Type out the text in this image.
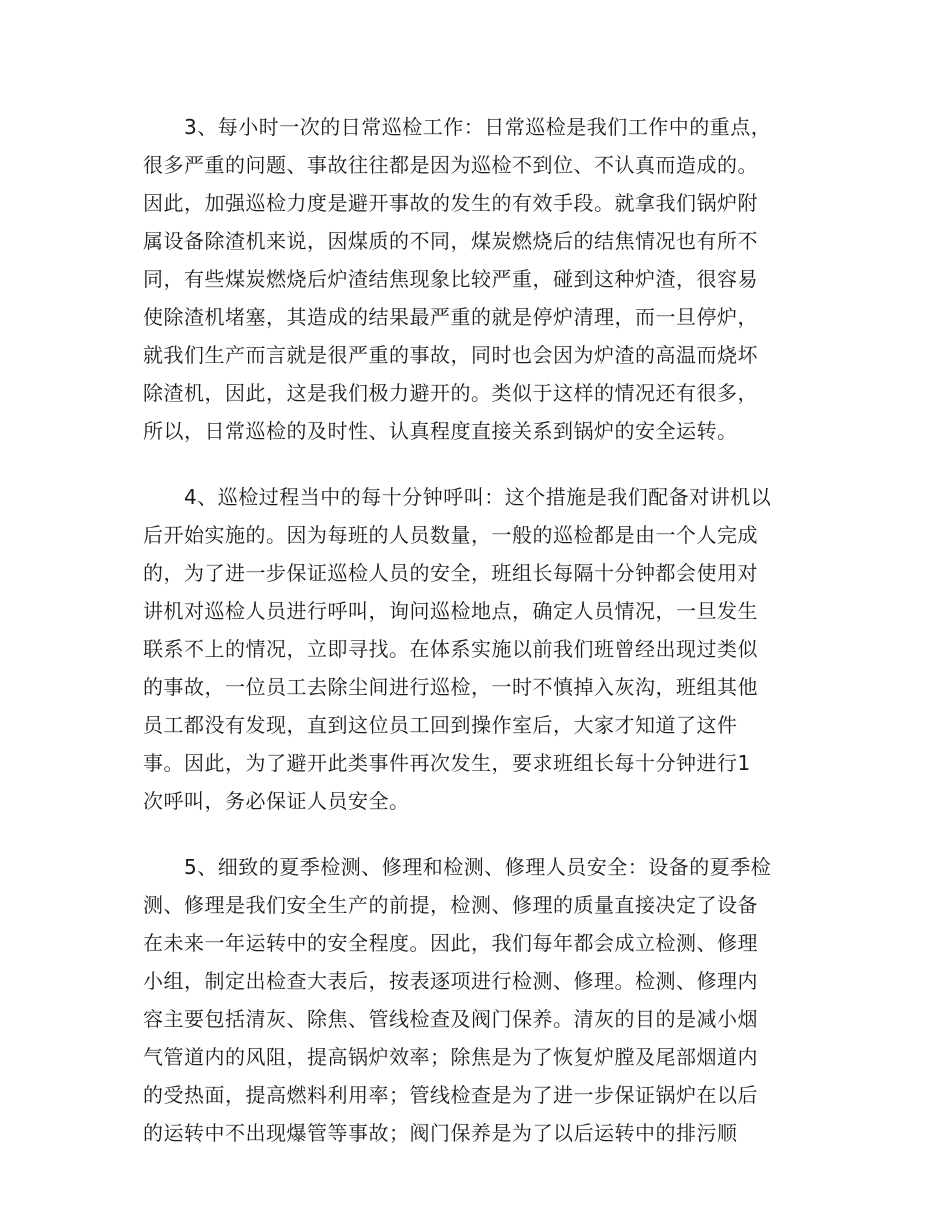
3、每小时一次的日常巡检工作：日常巡检是我们工作中的重点，
很多严重的问题、事故往往都是因为巡检不到位、不认真而造成的。
因此，加强巡检力度是避开事故的发生的有效手段。就拿我们锅炉附
属设备除渣机来说，因煤质的不同，煤炭燃烧后的结焦情况也有所不
同，有些煤炭燃烧后炉渣结焦现象比较严重，碰到这种炉渣，很容易
使除渣机堵塞，其造成的结果最严重的就是停炉清理，而一旦停炉，
就我们生产而言就是很严重的事故，同时也会因为炉渣的高温而烧坏
除渣机，因此，这是我们极力避开的。类似于这样的情况还有很多，
所以，日常巡检的及时性、认真程度直接关系到锅炉的安全运转。
4、巡检过程当中的每十分钟呼叫：这个措施是我们配备对讲机以
后开始实施的。因为每班的人员数量，一般的巡检都是由一个人完成
的，为了进一步保证巡检人员的安全，班组长每隔十分钟都会使用对
讲机对巡检人员进行呼叫，询问巡检地点，确定人员情况，一旦发生
联系不上的情况，立即寻找。在体系实施以前我们班曾经出现过类似
的事故，一位员工去除尘间进行巡检，一时不慎掉入灰沟，班组其他
员工都没有发现，直到这位员工回到操作室后，大家才知道了这件
事。因此，为了避开此类事件再次发生，要求班组长每十分钟进行1
次呼叫，务必保证人员安全。
5、细致的夏季检测、修理和检测、修理人员安全：设备的夏季检
测、修理是我们安全生产的前提，检测、修理的质量直接决定了设备
在未来一年运转中的安全程度。因此，我们每年都会成立检测、修理
小组，制定出检查大表后，按表逐项进行检测、修理。检测、修理内
容主要包括清灰、除焦、管线检查及阀门保养。清灰的目的是减小烟
气管道内的风阻，提高锅炉效率；除焦是为了恢复炉膛及尾部烟道内
的受热面，提高燃料利用率；管线检查是为了进一步保证锅炉在以后
的运转中不出现爆管等事故；阀门保养是为了以后运转中的排污顺
